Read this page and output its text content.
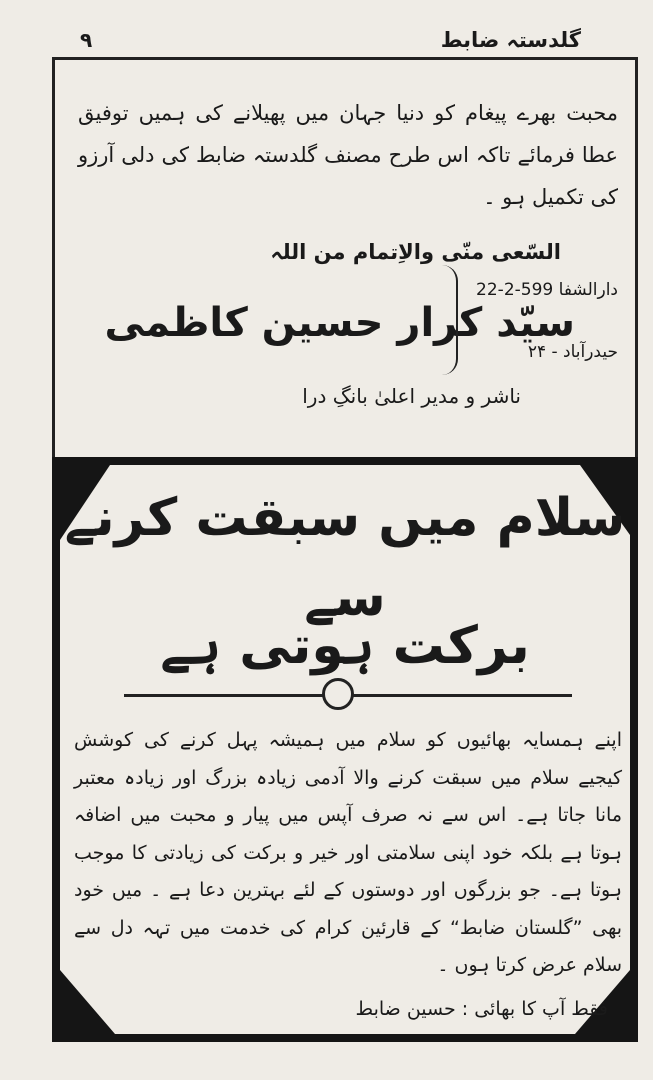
گلدستہ ضابط
۹

محبت بھرے پیغام کو دنیا جہان میں پھیلانے کی ہمیں توفیق عطا فرمائے تاکہ اس طرح مصنف گلدستہ ضابط کی دلی آرزو کی تکمیل ہو ۔

السّعی منّی والاِتمام من اللہ
سیّد کرار حسین کاظمی
ناشر و مدیر اعلیٰ بانگِ درا
دارالشفا 599-2-22
حیدرآباد - ۲۴
سلام میں سبقت کرنے سے
برکت ہوتی ہے

اپنے ہمسایہ بھائیوں کو سلام میں ہمیشہ پہل کرنے کی کوشش کیجیے سلام میں سبقت کرنے والا آدمی زیادہ بزرگ اور زیادہ معتبر مانا جاتا ہے۔ اس سے نہ صرف آپس میں پیار و محبت میں اضافہ ہوتا ہے بلکہ خود اپنی سلامتی اور خیر و برکت کی زیادتی کا موجب ہوتا ہے۔ جو بزرگوں اور دوستوں کے لئے بہترین دعا ہے ۔ میں خود بھی ”گلستان ضابط“ کے قارئین کرام کی خدمت میں تہہ دل سے سلام عرض کرتا ہوں ۔

فقط آپ کا بھائی : حسین ضابط
